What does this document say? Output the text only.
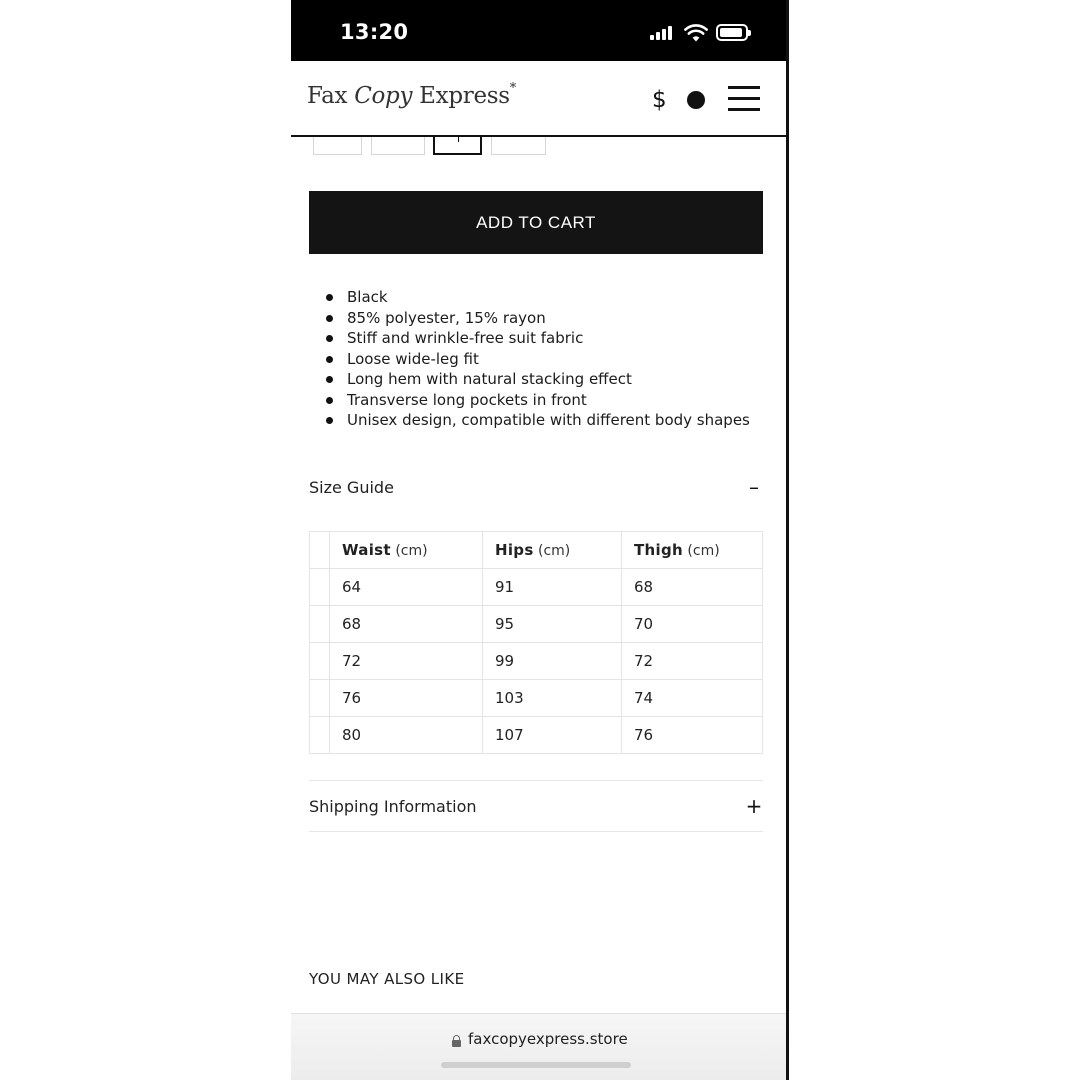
13:20
Fax Copy Express*	$
ADD TO CART
Black
85% polyester, 15% rayon
Stiff and wrinkle-free suit fabric
Loose wide-leg fit
Long hem with natural stacking effect
Transverse long pockets in front
Unisex design, compatible with different body shapes
Size Guide	–
	Waist (cm)	Hips (cm)	Thigh (cm)
	64	91	68
	68	95	70
	72	99	72
	76	103	74
	80	107	76
Shipping Information	+
YOU MAY ALSO LIKE
faxcopyexpress.store
